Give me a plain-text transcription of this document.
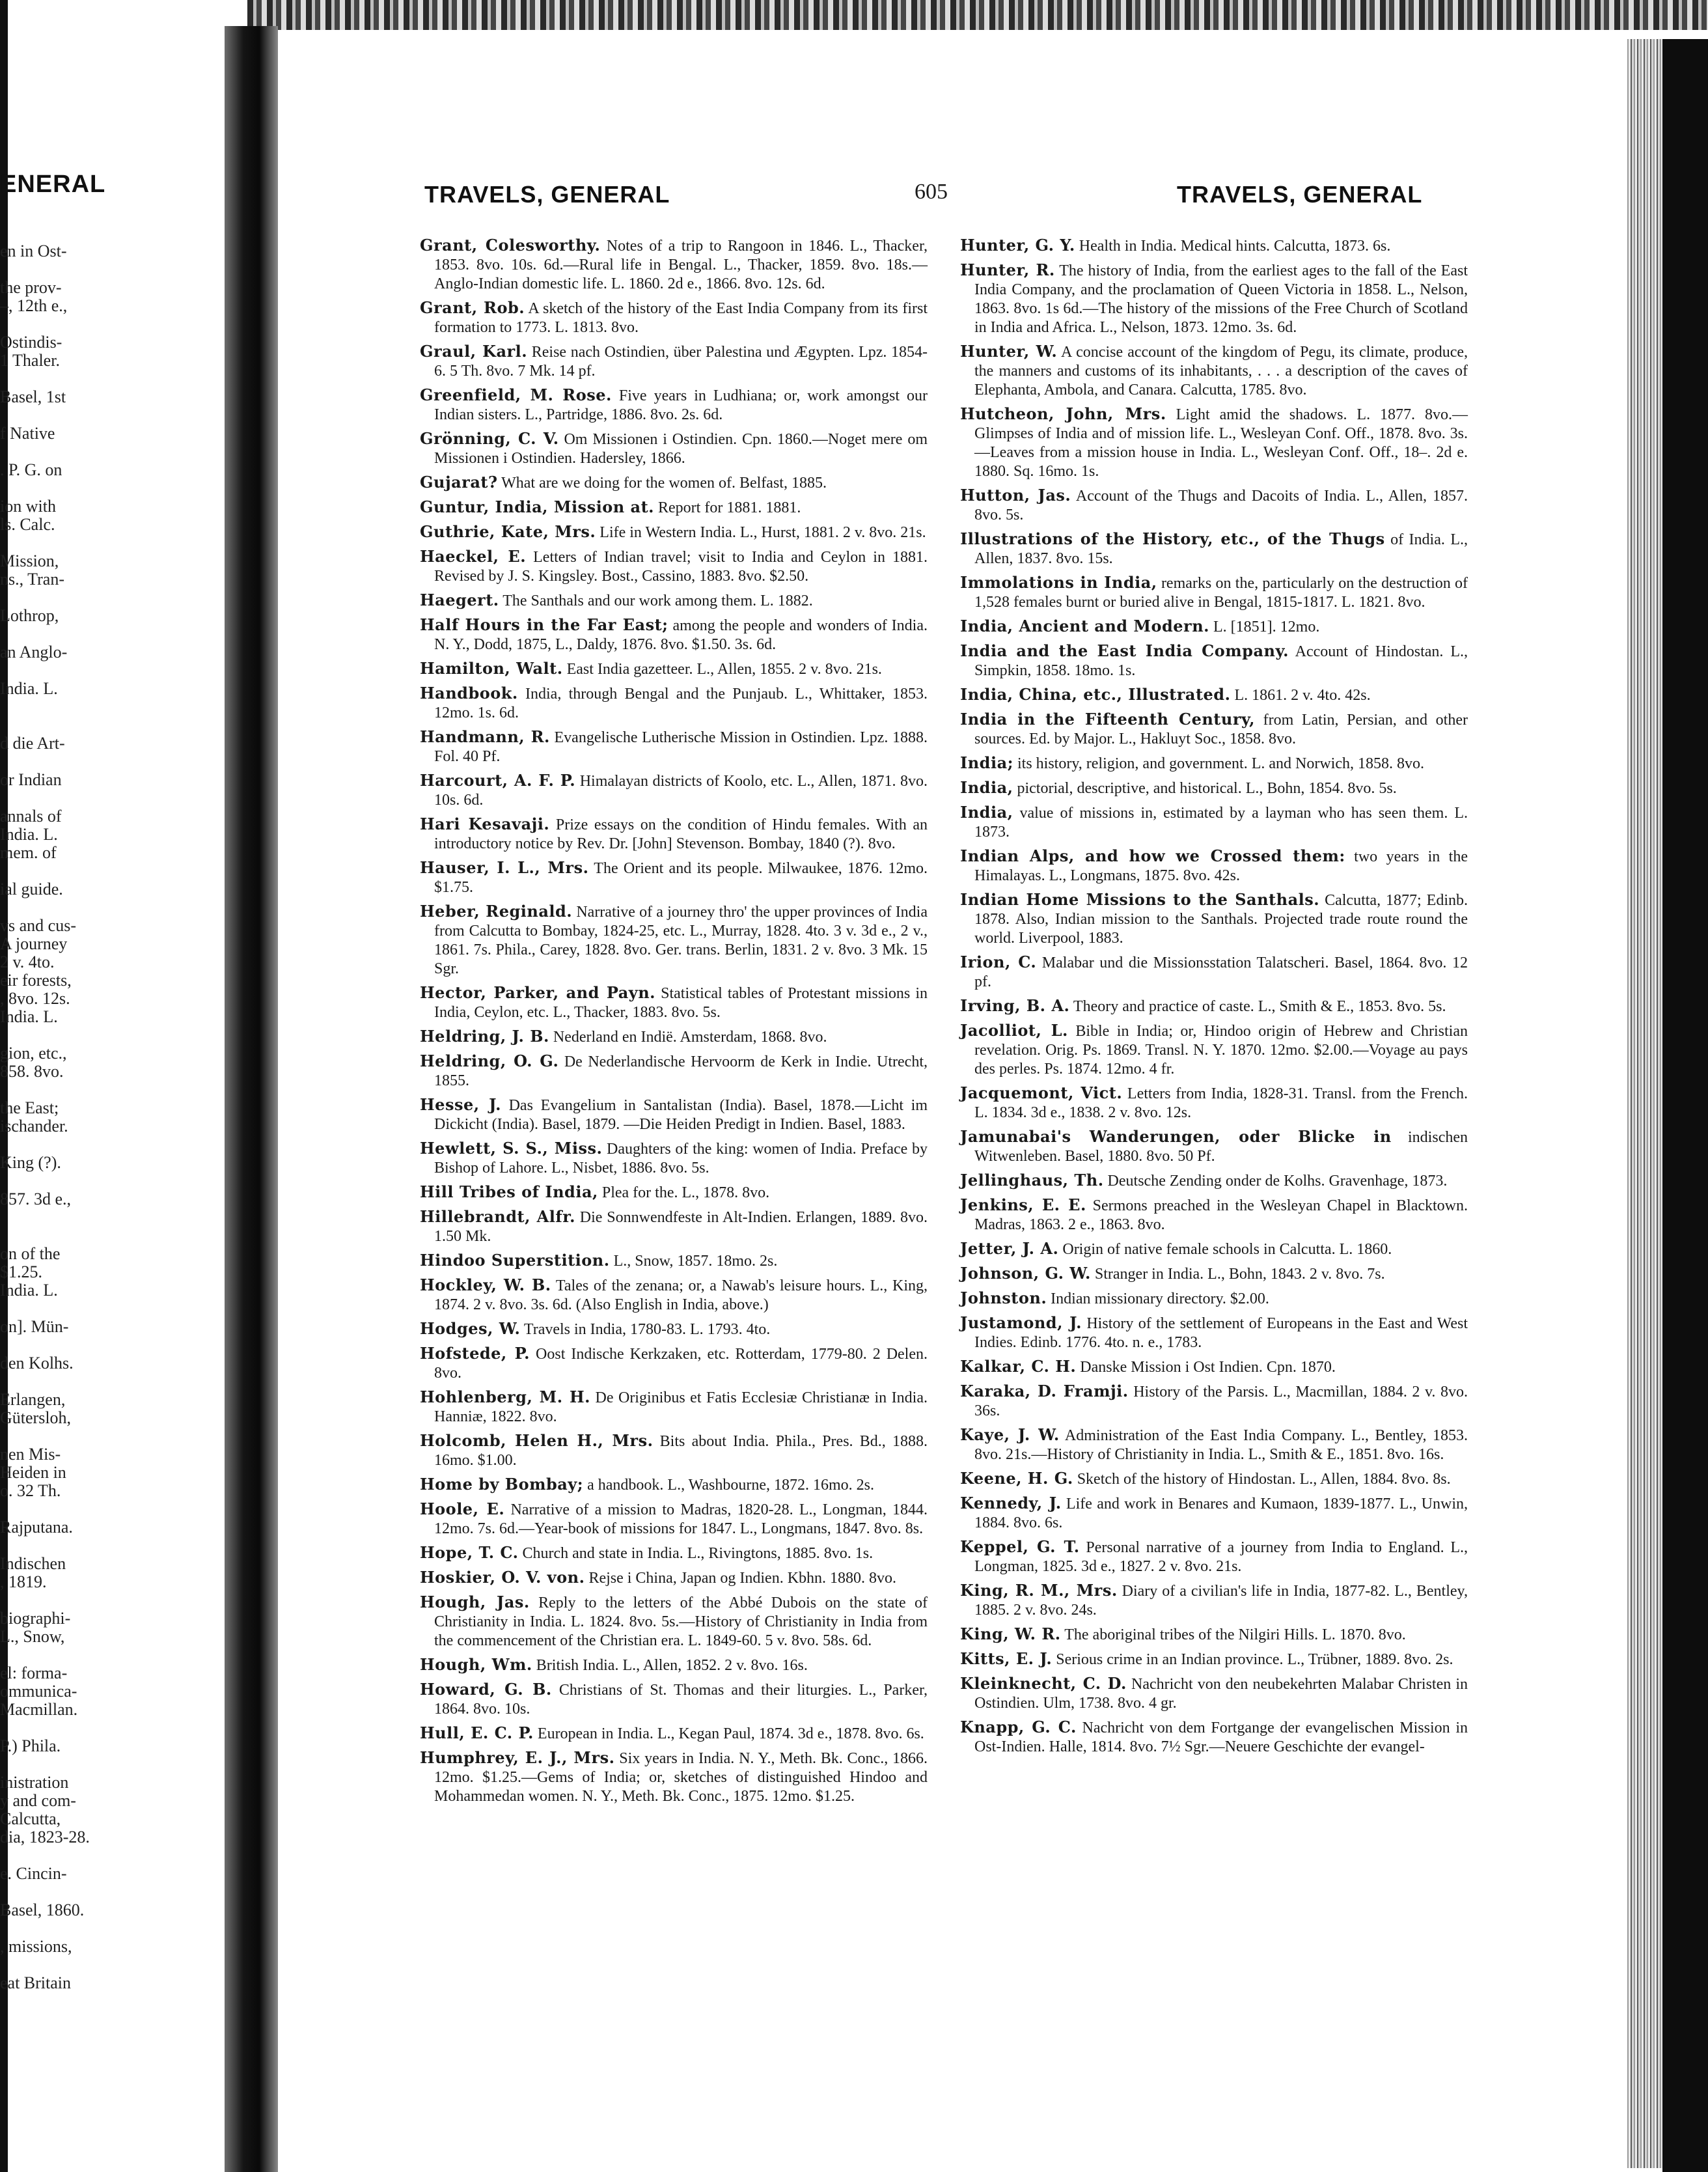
ENERAL
en in Ost-
the prov-
–, 12th e.,
Ostindis-
1 Thaler.
Basel, 1st
f Native
. P. G. on
ion with
ls. Calc.
Mission,
ns., Tran-
Lothrop,
an Anglo-
India. L.
d die Art-
or Indian
annals of
India. L.
mem. of
ial guide.
vs and cus-
A journey
2 v. 4to.
eir forests,
, 8vo. 12s.
India. L.
gion, etc.,
858. 8vo.
the East;
ischander.
King (?).
857. 3d e.,
on of the
$1.25.
India. L.
on]. Mün-
den Kolhs.
Erlangen,
Gütersloh,
nen Mis-
Heiden in
o. 32 Th.
Rajputana.
Indischen
, 1819.
biographi-
L., Snow,
el: forma-
ommunica-
Macmillan.
P.) Phila.
inistration
y and com-
Calcutta,
dia, 1823-28.
e. Cincin-
Basel, 1860.
, missions,
eat Britain
TRAVELS, GENERAL	605	TRAVELS, GENERAL
Grant, Colesworthy. Notes of a trip to Rangoon in 1846. L., Thacker, 1853. 8vo. 10s. 6d.—Rural life in Bengal. L., Thacker, 1859. 8vo. 18s.—Anglo-Indian domestic life. L. 1860. 2d e., 1866. 8vo. 12s. 6d.
Grant, Rob. A sketch of the history of the East India Company from its first formation to 1773. L. 1813. 8vo.
Graul, Karl. Reise nach Ostindien, über Palestina und Ægypten. Lpz. 1854-6. 5 Th. 8vo. 7 Mk. 14 pf.
Greenfield, M. Rose. Five years in Ludhiana; or, work amongst our Indian sisters. L., Partridge, 1886. 8vo. 2s. 6d.
Grönning, C. V. Om Missionen i Ostindien. Cpn. 1860.—Noget mere om Missionen i Ostindien. Hadersley, 1866.
Gujarat? What are we doing for the women of. Belfast, 1885.
Guntur, India, Mission at. Report for 1881. 1881.
Guthrie, Kate, Mrs. Life in Western India. L., Hurst, 1881. 2 v. 8vo. 21s.
Haeckel, E. Letters of Indian travel; visit to India and Ceylon in 1881. Revised by J. S. Kingsley. Bost., Cassino, 1883. 8vo. $2.50.
Haegert. The Santhals and our work among them. L. 1882.
Half Hours in the Far East; among the people and wonders of India. N. Y., Dodd, 1875, L., Daldy, 1876. 8vo. $1.50. 3s. 6d.
Hamilton, Walt. East India gazetteer. L., Allen, 1855. 2 v. 8vo. 21s.
Handbook. India, through Bengal and the Punjaub. L., Whittaker, 1853. 12mo. 1s. 6d.
Handmann, R. Evangelische Lutherische Mission in Ostindien. Lpz. 1888. Fol. 40 Pf.
Harcourt, A. F. P. Himalayan districts of Koolo, etc. L., Allen, 1871. 8vo. 10s. 6d.
Hari Kesavaji. Prize essays on the condition of Hindu females. With an introductory notice by Rev. Dr. [John] Stevenson. Bombay, 1840 (?). 8vo.
Hauser, I. L., Mrs. The Orient and its people. Milwaukee, 1876. 12mo. $1.75.
Heber, Reginald. Narrative of a journey thro' the upper provinces of India from Calcutta to Bombay, 1824-25, etc. L., Murray, 1828. 4to. 3 v. 3d e., 2 v., 1861. 7s. Phila., Carey, 1828. 8vo. Ger. trans. Berlin, 1831. 2 v. 8vo. 3 Mk. 15 Sgr.
Hector, Parker, and Payn. Statistical tables of Protestant missions in India, Ceylon, etc. L., Thacker, 1883. 8vo. 5s.
Heldring, J. B. Nederland en Indië. Amsterdam, 1868. 8vo.
Heldring, O. G. De Nederlandische Hervoorm de Kerk in Indie. Utrecht, 1855.
Hesse, J. Das Evangelium in Santalistan (India). Basel, 1878.—Licht im Dickicht (India). Basel, 1879. —Die Heiden Predigt in Indien. Basel, 1883.
Hewlett, S. S., Miss. Daughters of the king: women of India. Preface by Bishop of Lahore. L., Nisbet, 1886. 8vo. 5s.
Hill Tribes of India, Plea for the. L., 1878. 8vo.
Hillebrandt, Alfr. Die Sonnwendfeste in Alt-Indien. Erlangen, 1889. 8vo. 1.50 Mk.
Hindoo Superstition. L., Snow, 1857. 18mo. 2s.
Hockley, W. B. Tales of the zenana; or, a Nawab's leisure hours. L., King, 1874. 2 v. 8vo. 3s. 6d. (Also English in India, above.)
Hodges, W. Travels in India, 1780-83. L. 1793. 4to.
Hofstede, P. Oost Indische Kerkzaken, etc. Rotterdam, 1779-80. 2 Delen. 8vo.
Hohlenberg, M. H. De Originibus et Fatis Ecclesiæ Christianæ in India. Hanniæ, 1822. 8vo.
Holcomb, Helen H., Mrs. Bits about India. Phila., Pres. Bd., 1888. 16mo. $1.00.
Home by Bombay; a handbook. L., Washbourne, 1872. 16mo. 2s.
Hoole, E. Narrative of a mission to Madras, 1820-28. L., Longman, 1844. 12mo. 7s. 6d.—Year-book of missions for 1847. L., Longmans, 1847. 8vo. 8s.
Hope, T. C. Church and state in India. L., Rivingtons, 1885. 8vo. 1s.
Hoskier, O. V. von. Rejse i China, Japan og Indien. Kbhn. 1880. 8vo.
Hough, Jas. Reply to the letters of the Abbé Dubois on the state of Christianity in India. L. 1824. 8vo. 5s.—History of Christianity in India from the commencement of the Christian era. L. 1849-60. 5 v. 8vo. 58s. 6d.
Hough, Wm. British India. L., Allen, 1852. 2 v. 8vo. 16s.
Howard, G. B. Christians of St. Thomas and their liturgies. L., Parker, 1864. 8vo. 10s.
Hull, E. C. P. European in India. L., Kegan Paul, 1874. 3d e., 1878. 8vo. 6s.
Humphrey, E. J., Mrs. Six years in India. N. Y., Meth. Bk. Conc., 1866. 12mo. $1.25.—Gems of India; or, sketches of distinguished Hindoo and Mohammedan women. N. Y., Meth. Bk. Conc., 1875. 12mo. $1.25.
Hunter, G. Y. Health in India. Medical hints. Calcutta, 1873. 6s.
Hunter, R. The history of India, from the earliest ages to the fall of the East India Company, and the proclamation of Queen Victoria in 1858. L., Nelson, 1863. 8vo. 1s 6d.—The history of the missions of the Free Church of Scotland in India and Africa. L., Nelson, 1873. 12mo. 3s. 6d.
Hunter, W. A concise account of the kingdom of Pegu, its climate, produce, the manners and customs of its inhabitants, . . . a description of the caves of Elephanta, Ambola, and Canara. Calcutta, 1785. 8vo.
Hutcheon, John, Mrs. Light amid the shadows. L. 1877. 8vo.—Glimpses of India and of mission life. L., Wesleyan Conf. Off., 1878. 8vo. 3s.—Leaves from a mission house in India. L., Wesleyan Conf. Off., 18–. 2d e. 1880. Sq. 16mo. 1s.
Hutton, Jas. Account of the Thugs and Dacoits of India. L., Allen, 1857. 8vo. 5s.
Illustrations of the History, etc., of the Thugs of India. L., Allen, 1837. 8vo. 15s.
Immolations in India, remarks on the, particularly on the destruction of 1,528 females burnt or buried alive in Bengal, 1815-1817. L. 1821. 8vo.
India, Ancient and Modern. L. [1851]. 12mo.
India and the East India Company. Account of Hindostan. L., Simpkin, 1858. 18mo. 1s.
India, China, etc., Illustrated. L. 1861. 2 v. 4to. 42s.
India in the Fifteenth Century, from Latin, Persian, and other sources. Ed. by Major. L., Hakluyt Soc., 1858. 8vo.
India; its history, religion, and government. L. and Norwich, 1858. 8vo.
India, pictorial, descriptive, and historical. L., Bohn, 1854. 8vo. 5s.
India, value of missions in, estimated by a layman who has seen them. L. 1873.
Indian Alps, and how we Crossed them: two years in the Himalayas. L., Longmans, 1875. 8vo. 42s.
Indian Home Missions to the Santhals. Calcutta, 1877; Edinb. 1878. Also, Indian mission to the Santhals. Projected trade route round the world. Liverpool, 1883.
Irion, C. Malabar und die Missionsstation Talatscheri. Basel, 1864. 8vo. 12 pf.
Irving, B. A. Theory and practice of caste. L., Smith & E., 1853. 8vo. 5s.
Jacolliot, L. Bible in India; or, Hindoo origin of Hebrew and Christian revelation. Orig. Ps. 1869. Transl. N. Y. 1870. 12mo. $2.00.—Voyage au pays des perles. Ps. 1874. 12mo. 4 fr.
Jacquemont, Vict. Letters from India, 1828-31. Transl. from the French. L. 1834. 3d e., 1838. 2 v. 8vo. 12s.
Jamunabai's Wanderungen, oder Blicke in indischen Witwenleben. Basel, 1880. 8vo. 50 Pf.
Jellinghaus, Th. Deutsche Zending onder de Kolhs. Gravenhage, 1873.
Jenkins, E. E. Sermons preached in the Wesleyan Chapel in Blacktown. Madras, 1863. 2 e., 1863. 8vo.
Jetter, J. A. Origin of native female schools in Calcutta. L. 1860.
Johnson, G. W. Stranger in India. L., Bohn, 1843. 2 v. 8vo. 7s.
Johnston. Indian missionary directory. $2.00.
Justamond, J. History of the settlement of Europeans in the East and West Indies. Edinb. 1776. 4to. n. e., 1783.
Kalkar, C. H. Danske Mission i Ost Indien. Cpn. 1870.
Karaka, D. Framji. History of the Parsis. L., Macmillan, 1884. 2 v. 8vo. 36s.
Kaye, J. W. Administration of the East India Company. L., Bentley, 1853. 8vo. 21s.—History of Christianity in India. L., Smith & E., 1851. 8vo. 16s.
Keene, H. G. Sketch of the history of Hindostan. L., Allen, 1884. 8vo. 8s.
Kennedy, J. Life and work in Benares and Kumaon, 1839-1877. L., Unwin, 1884. 8vo. 6s.
Keppel, G. T. Personal narrative of a journey from India to England. L., Longman, 1825. 3d e., 1827. 2 v. 8vo. 21s.
King, R. M., Mrs. Diary of a civilian's life in India, 1877-82. L., Bentley, 1885. 2 v. 8vo. 24s.
King, W. R. The aboriginal tribes of the Nilgiri Hills. L. 1870. 8vo.
Kitts, E. J. Serious crime in an Indian province. L., Trübner, 1889. 8vo. 2s.
Kleinknecht, C. D. Nachricht von den neubekehrten Malabar Christen in Ostindien. Ulm, 1738. 8vo. 4 gr.
Knapp, G. C. Nachricht von dem Fortgange der evangelischen Mission in Ost-Indien. Halle, 1814. 8vo. 7½ Sgr.—Neuere Geschichte der evangel-
